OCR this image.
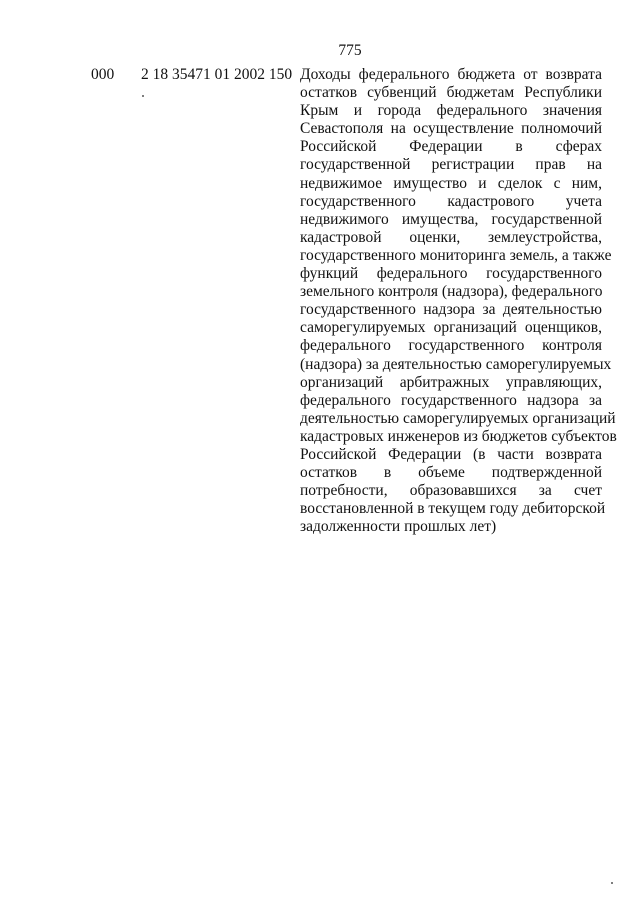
775
000 2 18 35471 01 2002 150 Доходы федерального бюджета от возврата
остатков субвенций бюджетам Республики
Крым и города федерального значения
Севастополя на осуществление полномочий
Российской Федерации в сферах
государственной регистрации прав на
недвижимое имущество и сделок с ним,
государственного кадастрового учета
недвижимого имущества, государственной
кадастровой оценки, землеустройства,
государственного мониторинга земель, а также
функций федерального государственного
земельного контроля (надзора), федерального
государственного надзора за деятельностью
саморегулируемых организаций оценщиков,
федерального государственного контроля
(надзора) за деятельностью саморегулируемых
организаций арбитражных управляющих,
федерального государственного надзора за
деятельностью саморегулируемых организаций
кадастровых инженеров из бюджетов субъектов
Российской Федерации (в части возврата
остатков в объеме подтвержденной
потребности, образовавшихся за счет
восстановленной в текущем году дебиторской
задолженности прошлых лет)
